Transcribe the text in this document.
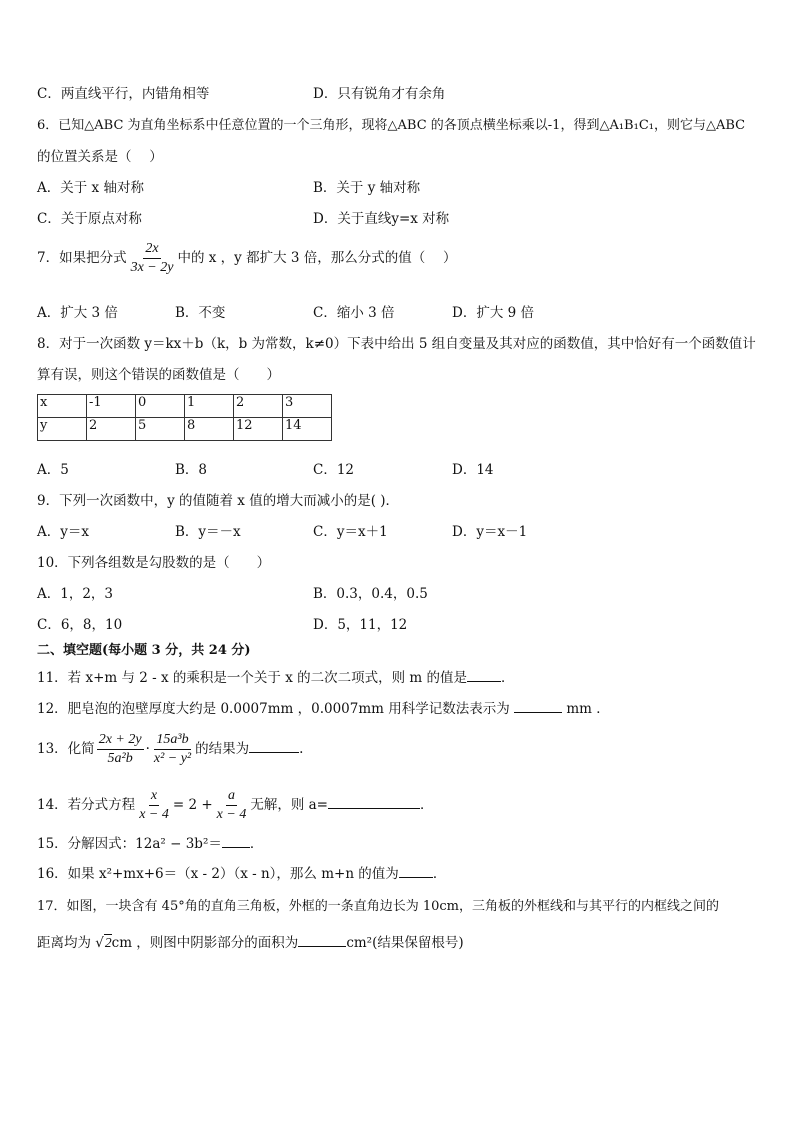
C．两直线平行，内错角相等	D．只有锐角才有余角
6．已知△ABC 为直角坐标系中任意位置的一个三角形，现将△ABC 的各顶点横坐标乘以-1，得到△A₁B₁C₁，则它与△ABC
的位置关系是（　 ）
A．关于 x 轴对称	B．关于 y 轴对称
C．关于原点对称	D．关于直线y=x 对称
7．如果把分式 $\frac{2x}{3x - 2y}$ 中的 x ，y 都扩大 3 倍，那么分式的值（　 ）
A．扩大 3 倍	B．不变	C．缩小 3 倍	D．扩大 9 倍
8．对于一次函数 y＝kx＋b（k，b 为常数，k≠0）下表中给出 5 组自变量及其对应的函数值，其中恰好有一个函数值计
算有误，则这个错误的函数值是（　　）
x	-1	0	1	2	3
y	2	5	8	12	14
A．5	B．8	C．12	D．14
9．下列一次函数中，y 的值随着 x 值的增大而减小的是( )．
A．y＝x	B．y＝－x	C．y＝x＋1	D．y＝x－1
10．下列各组数是勾股数的是（　　）
A．1，2，3	B．0.3，0.4，0.5
C．6，8，10	D．5，11，12
二、填空题(每小题 3 分，共 24 分)
11．若 x+m 与 2 - x 的乘积是一个关于 x 的二次二项式，则 m 的值是	．
12．肥皂泡的泡壁厚度大约是 0.0007mm ，0.0007mm 用科学记数法表示为	mm ．
13．化简 $\frac{2x + 2y}{\text{5a²b}} \cdot \frac{\text{15a³b}}{\text{x² − y²}}$ 的结果为	.
14．若分式方程 $\frac{x}{x - 4} = 2 + \frac{a}{x - 4}$ 无解，则 a=	．
15．分解因式：12a² − 3b²＝ ．
16．如果 x²+mx+6＝（x - 2）（x - n），那么 m+n 的值为	．
17．如图，一块含有 45°角的直角三角板，外框的一条直角边长为 10cm，三角板的外框线和与其平行的内框线之间的
距离均为 √2cm ，则图中阴影部分的面积为	cm²(结果保留根号)
